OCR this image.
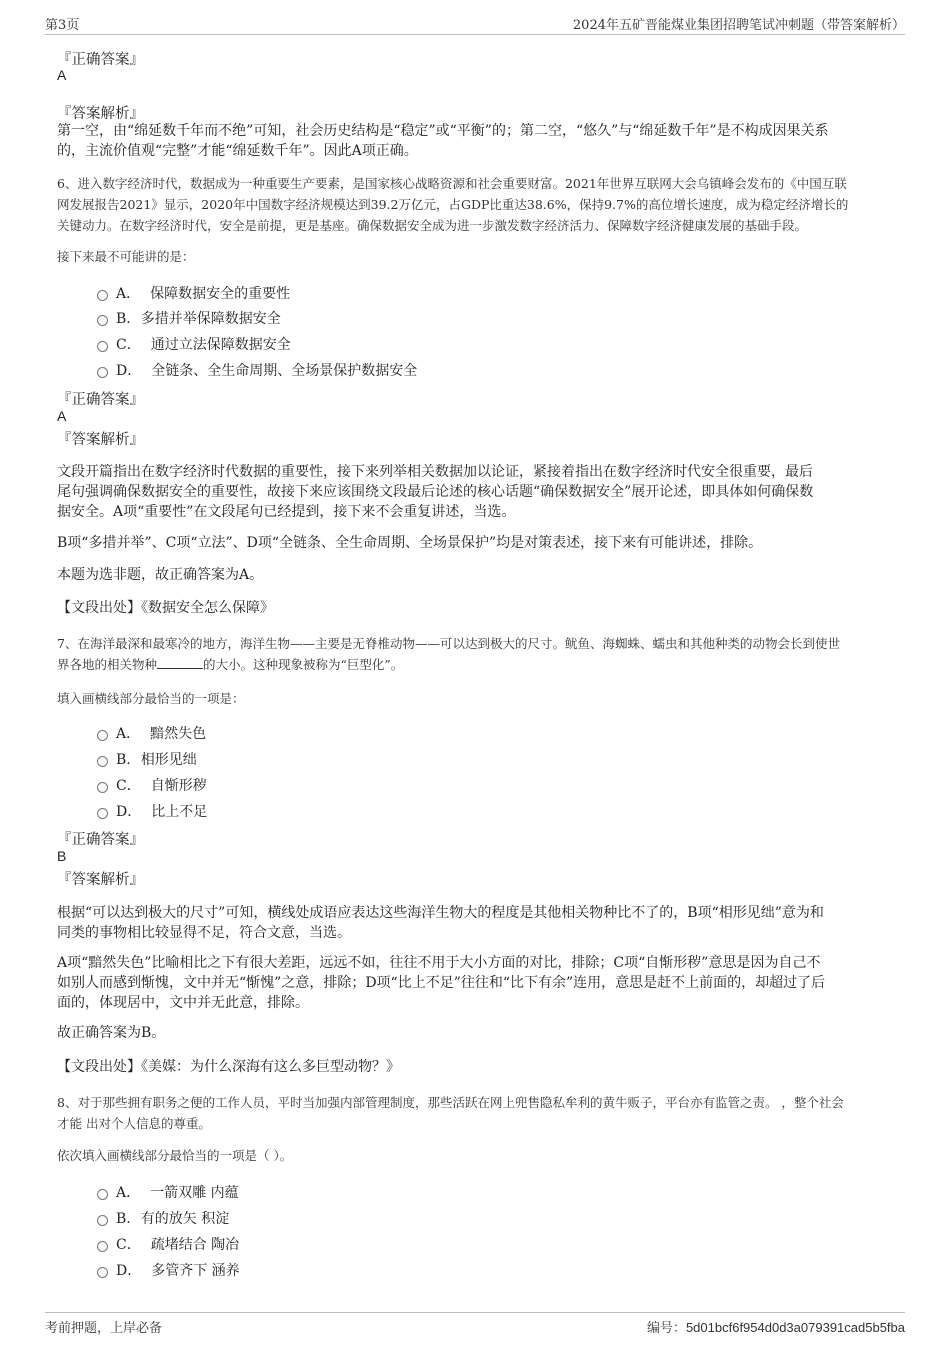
第3页	2024年五矿晋能煤业集团招聘笔试冲刺题（带答案解析）
『正确答案』
A
『答案解析』
第一空，由“绵延数千年而不绝”可知，社会历史结构是“稳定”或“平衡”的；第二空，“悠久”与“绵延数千年”是不构成因果关系
的，主流价值观“完整”才能“绵延数千年”。因此A项正确。
6、进入数字经济时代，数据成为一种重要生产要素，是国家核心战略资源和社会重要财富。2021年世界互联网大会乌镇峰会发布的《中国互联
网发展报告2021》显示，2020年中国数字经济规模达到39.2万亿元，占GDP比重达38.6%，保持9.7%的高位增长速度，成为稳定经济增长的
关键动力。在数字经济时代，安全是前提，更是基座。确保数据安全成为进一步激发数字经济活力、保障数字经济健康发展的基础手段。
接下来最不可能讲的是：
A． 保障数据安全的重要性
B. 多措并举保障数据安全
C． 通过立法保障数据安全
D． 全链条、全生命周期、全场景保护数据安全
『正确答案』
A
『答案解析』
文段开篇指出在数字经济时代数据的重要性，接下来列举相关数据加以论证，紧接着指出在数字经济时代安全很重要，最后
尾句强调确保数据安全的重要性，故接下来应该围绕文段最后论述的核心话题“确保数据安全”展开论述，即具体如何确保数
据安全。A项“重要性”在文段尾句已经提到，接下来不会重复讲述，当选。
B项“多措并举”、C项“立法”、D项“全链条、全生命周期、全场景保护”均是对策表述，接下来有可能讲述，排除。
本题为选非题，故正确答案为A。
【文段出处】《数据安全怎么保障》
7、在海洋最深和最寒冷的地方，海洋生物——主要是无脊椎动物——可以达到极大的尺寸。鱿鱼、海蜘蛛、蠕虫和其他种类的动物会长到使世
界各地的相关物种	的大小。这种现象被称为“巨型化”。
填入画横线部分最恰当的一项是：
A． 黯然失色
B. 相形见绌
C． 自惭形秽
D． 比上不足
『正确答案』
B
『答案解析』
根据“可以达到极大的尺寸”可知，横线处成语应表达这些海洋生物大的程度是其他相关物种比不了的，B项“相形见绌”意为和
同类的事物相比较显得不足，符合文意，当选。
A项“黯然失色”比喻相比之下有很大差距，远远不如，往往不用于大小方面的对比，排除；C项“自惭形秽”意思是因为自己不
如别人而感到惭愧，文中并无“惭愧”之意，排除；D项“比上不足”往往和“比下有余”连用，意思是赶不上前面的，却超过了后
面的，体现居中，文中并无此意，排除。
故正确答案为B。
【文段出处】《美媒：为什么深海有这么多巨型动物？》
8、对于那些拥有职务之便的工作人员，平时当加强内部管理制度，那些活跃在网上兜售隐私牟利的黄牛贩子，平台亦有监管之责。 ，整个社会
才能 出对个人信息的尊重。
依次填入画横线部分最恰当的一项是（ ）。
A． 一箭双雕 内蕴
B. 有的放矢 积淀
C． 疏堵结合 陶冶
D． 多管齐下 涵养
考前押题，上岸必备	编号：5d01bcf6f954d0d3a079391cad5b5fba
